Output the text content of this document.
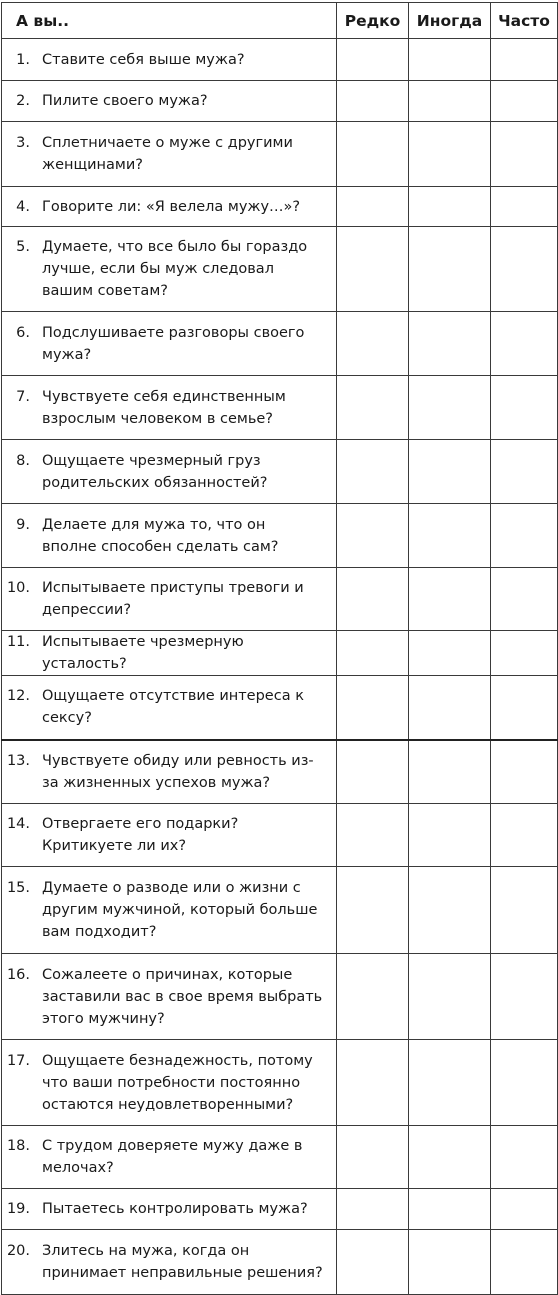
А вы..	Редко	Иногда	Часто
1. Ставите себя выше мужа?			
2. Пилите своего мужа?			
3. Сплетничаете о муже с другими женщинами?			
4. Говорите ли: «Я велела мужу…»?			
5. Думаете, что все было бы гораздо лучше, если бы муж следовал вашим советам?			
6. Подслушиваете разговоры своего мужа?			
7. Чувствуете себя единственным взрослым человеком в семье?			
8. Ощущаете чрезмерный груз родительских обязанностей?			
9. Делаете для мужа то, что он вполне способен сделать сам?			
10. Испытываете приступы тревоги и депрессии?			
11. Испытываете чрезмерную усталость?			
12. Ощущаете отсутствие интереса к сексу?			
13. Чувствуете обиду или ревность из-за жизненных успехов мужа?			
14. Отвергаете его подарки? Критикуете ли их?			
15. Думаете о разводе или о жизни с другим мужчиной, который больше вам подходит?			
16. Сожалеете о причинах, которые заставили вас в свое время выбрать этого мужчину?			
17. Ощущаете безнадежность, потому что ваши потребности постоянно остаются неудовлетворенными?			
18. С трудом доверяете мужу даже в мелочах?			
19. Пытаетесь контролировать мужа?			
20. Злитесь на мужа, когда он принимает неправильные решения?			
